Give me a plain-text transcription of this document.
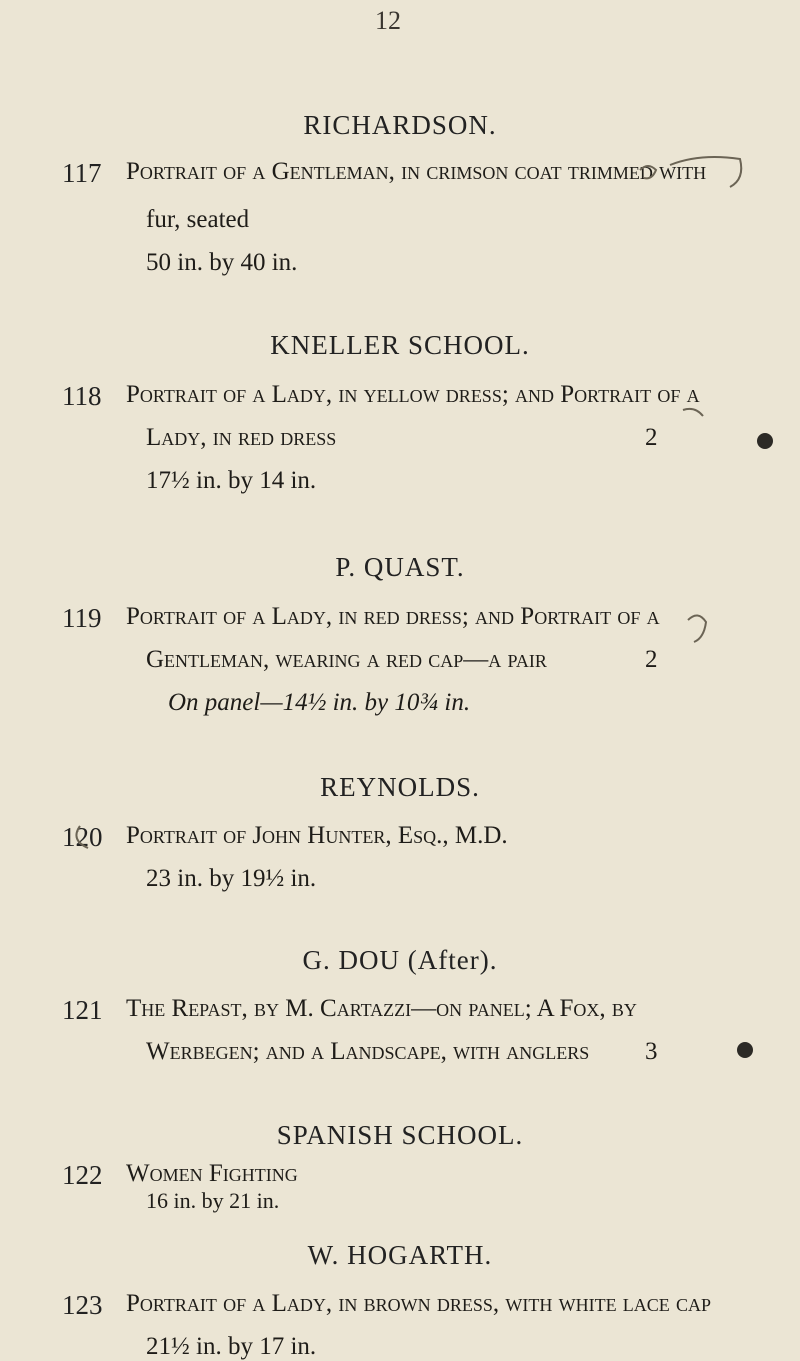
12
RICHARDSON.
117 Portrait of a Gentleman, in crimson coat trimmed with
fur, seated
50 in. by 40 in.
KNELLER SCHOOL.
118 Portrait of a Lady, in yellow dress; and Portrait of a
Lady, in red dress	2
17½ in. by 14 in.
P. QUAST.
119 Portrait of a Lady, in red dress; and Portrait of a
Gentleman, wearing a red cap—a pair	2
On panel—14½ in. by 10¾ in.
REYNOLDS.
120 Portrait of John Hunter, Esq., M.D.
23 in. by 19½ in.
G. DOU (After).
121 The Repast, by M. Cartazzi—on panel; A Fox, by
Werbegen; and a Landscape, with anglers 3
SPANISH SCHOOL.
122 Women Fighting
16 in. by 21 in.
W. HOGARTH.
123 Portrait of a Lady, in brown dress, with white lace cap
21½ in. by 17 in.
